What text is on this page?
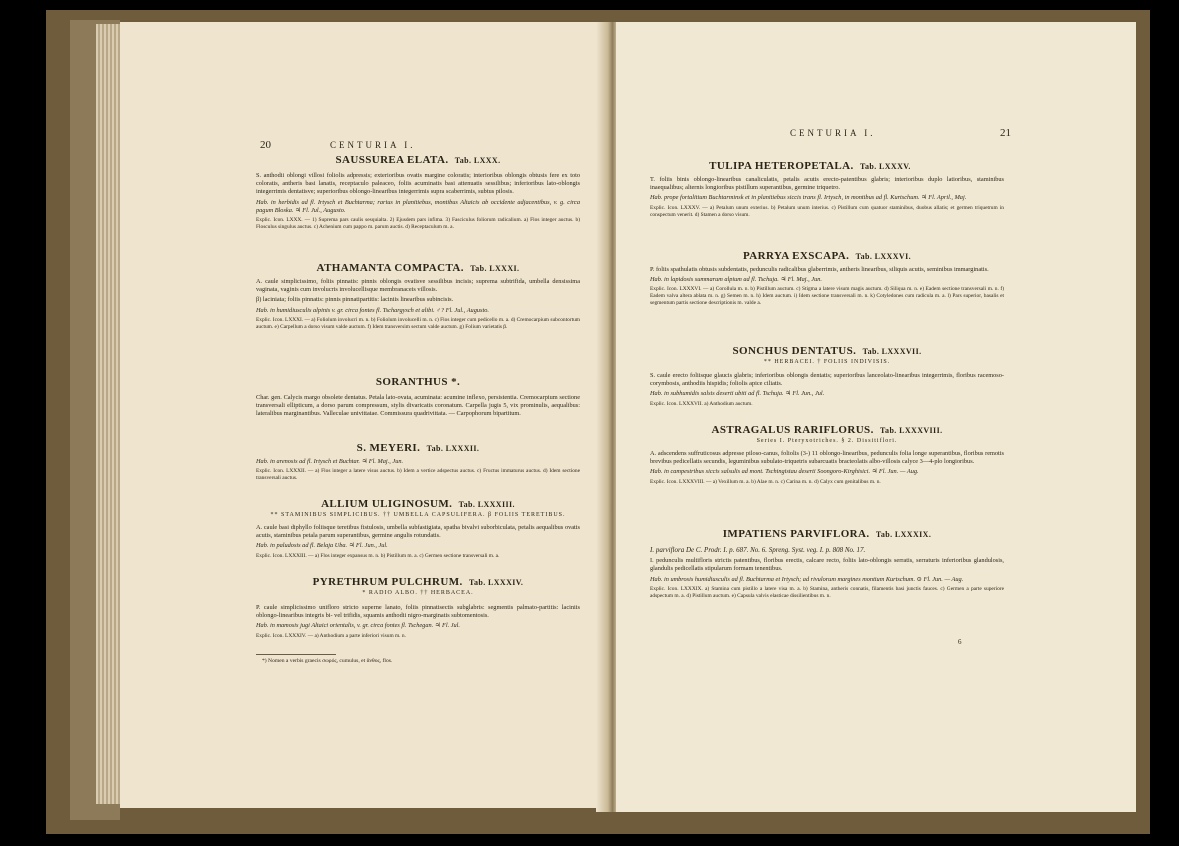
CENTURIA I.
20
SAUSSUREA ELATA. Tab. LXXX.

S. anthodii oblongi villosi foliolis adpressis; exterioribus ovatis margine coloratis; interioribus oblongis obtusis fere ex toto coloratis, antheris basi lanatis, receptaculo paleaceo, foliis acuminatis basi attenuatis sessilibus; inferioribus lato-oblongis integerrimis dentatisve; superioribus oblongo-linearibus integerrimis supra scaberrimis, subtus pilosis.

Hab. in herbidis ad fl. Irtysch et Buchtarma; rarius in planitiebus, montibus Altaicis ab occidente adjacentibus, v. g. circa pagum Bloska. ♃ Fl. Jul., Augusto.

Explic. Icon. LXXX. — 1) Suprema pars caulis sesquialta. 2) Ejusdem pars infima. 3) Fasciculus foliorum radicalium. a) Flos integer auctus. b) Flosculus singulus auctus. c) Achenium cum pappo m. parum auctis. d) Receptaculum m. a.

ATHAMANTA COMPACTA. Tab. LXXXI.

A. caule simplicissimo, foliis pinnatis: pinnis oblongis ovatisve sessilibus incisis; suprema subtrifida, umbella densissima vaginata, vaginis cum involucris involucellisque membranaceis villosis.

β) laciniata; foliis pinnatis: pinnis pinnatipartitis: laciniis linearibus subincisis.

Hab. in humidiusculis alpinis v. gr. circa fontes fl. Tschargysch et alibi. ♂? Fl. Jul., Augusto.

Explic. Icon. LXXXI. — a) Foliolum involucri m. n. b) Foliolum involucelli m. n. c) Flos integer cum pedicello m. a. d) Cremocarpium subcontortum auctum. e) Carpellum a dorso visum valde auctum. f) Idem transversim sectum valde auctum. g) Folium varietatis β.

SORANTHUS *.

Char. gen. Calycis margo obsolete dentatus. Petala lato-ovata, acuminata: acumine inflexo, persistentia. Cremocarpium sectione transversali ellipticum, a dorso parum compressum, stylis divaricatis coronatum. Carpella jugis 5, vix prominulis, aequalibus: lateralibus marginantibus. Valleculae univittatae. Commissura quadrivittata. — Carpophorum bipartitum.

S. MEYERI. Tab. LXXXII.

Hab. in arenosis ad fl. Irtysch et Buchtar. ♃ Fl. Maj., Jun.

Explic. Icon. LXXXII. — a) Flos integer a latere visus auctus. b) Idem a vertice adspectus auctus. c) Fructus immaturus auctus. d) Idem sectione transversali auctus.

ALLIUM ULIGINOSUM. Tab. LXXXIII.
** STAMINIBUS SIMPLICIBUS. †† UMBELLA CAPSULIFERA. β FOLIIS TERETIBUS.

A. caule basi diphyllo foliisque teretibus fistulosis, umbella subfastigiata, spatha bivalvi suborbiculata, petalis aequalibus ovatis acutis, staminibus petala parum superantibus, germine angulis rotundatis.

Hab. in paludosis ad fl. Belaja Uba. ♃ Fl. Jun., Jul.

Explic. Icon. LXXXIII. — a) Flos integer expansus m. n. b) Pistillum m. a. c) Germen sectione transversali m. a.

PYRETHRUM PULCHRUM. Tab. LXXXIV.
* RADIO ALBO. †† HERBACEA.

P. caule simplicissimo unifloro stricto superne lanato, foliis pinnatisectis subglabris: segmentis palmato-partitis: laciniis oblongo-linearibus integris bi- vel trifidis, squamis anthodii nigro-marginatis subtomentosis.

Hab. in mamosis jugi Altaici orientalis, v. gr. circa fontes fl. Tschegan. ♃ Fl. Jul.

Explic. Icon. LXXXIV. — a) Anthodium a parte inferiori visum m. n.

*) Nomen a verbis graecis σωρός, cumulus, et ἄνθος, flos.
CENTURIA I.	21
TULIPA HETEROPETALA. Tab. LXXXV.

T. foliis binis oblongo-linearibus canaliculatis, petalis acutis erecto-patentibus glabris; interioribus duplo latioribus, staminibus inaequalibus; alternis longioribus pistillum superantibus, germine triquetro.

Hab. prope fortalitium Buchtarminsk et in planitiebus siccis trans fl. Irtysch, in montibus ad fl. Kurtschum. ♃ Fl. April., Maj.

Explic. Icon. LXXXV. — a) Petalum unum exterius. b) Petalum unum interius. c) Pistillum cum quatuor staminibus, duobus allatis; et germen triquetrum in conspectum venerit. d) Stamen a dorso visum.

PARRYA EXSCAPA. Tab. LXXXVI.

P. foliis spathulatis obtusis subdentatis, pedunculis radicalibus glaberrimis, antheris linearibus, siliquis acutis, seminibus immarginatis.

Hab. in lapidosis summarum alpium ad fl. Tschuja. ♃ Fl. Maj., Jun.

Explic. Icon. LXXXVI. — a) Corollula m. n. b) Pistillum auctum. c) Stigma a latere visum magis auctum. d) Siliqua m. n. e) Eadem sectione transversali m. n. f) Eadem valva altera ablata m. n. g) Semen m. n. h) Idem auctum. i) Idem sectione transversali m. n. k) Cotyledones cum radicula m. a. l) Pars superior, basalis et segmentum partis sectione descriptionis m. valde a.

SONCHUS DENTATUS. Tab. LXXXVII.
** HERBACEI. † FOLIIS INDIVISIS.

S. caule erecto foliisque glaucis glabris; inferioribus oblongis dentatis; superioribus lanceolato-linearibus integerrimis, floribus racemoso-corymbosis, anthodiis hispidis; foliolis apice ciliatis.

Hab. in subhumidis salsis deserti ubiti ad fl. Tschuja. ♃ Fl. Jun., Jul.

Explic. Icon. LXXXVII. a) Anthodium auctum.

ASTRAGALUS RARIFLORUS. Tab. LXXXVIII.
Series I. Pteryxotriches. § 2. Dissitiflori.

A. adscendens suffruticosus adpresse piloso-canus, foliolis (3-) 11 oblongo-linearibus, pedunculis folia longe superantibus, floribus remotis brevibus pedicellatis secundis, leguminibus subulato-triquetris subarcuatis bracteolatis albo-villosis calyce 3—4-plo longioribus.

Hab. in campestribus siccis salsulis ad mont. Tschingistau deserti Soongoro-Kirghisici. ♃ Fl. Jun. — Aug.

Explic. Icon. LXXXVIII. — a) Vexillum m. a. b) Alae m. n. c) Carina m. n. d) Calyx cum genitalibus m. n.

IMPATIENS PARVIFLORA. Tab. LXXXIX.

I. parviflora De C. Prodr. I. p. 687. No. 6. Spreng. Syst. veg. I. p. 808 No. 17.

I. pedunculis multifloris strictis patentibus, floribus erectis, calcare recto, foliis lato-oblongis serratis, serraturis inferioribus glandulosis, glandulis pedicellatis stipularum formam tenentibus.

Hab. in umbrosis humidiusculis ad fl. Buchtarma et Irtysch; ad rivulorum margines montium Kurtschum. ⊙ Fl. Jun. — Aug.

Explic. Icon. LXXXIX. a) Stamina cum pistillo a latere visa m. a. b) Stamina, antheris connatis, filamentis basi junctis fauces. c) Germen a parte superiore adspectum m. a. d) Pistillum auctum. e) Capsula valvis elasticae dissilientibus m. n.

6
